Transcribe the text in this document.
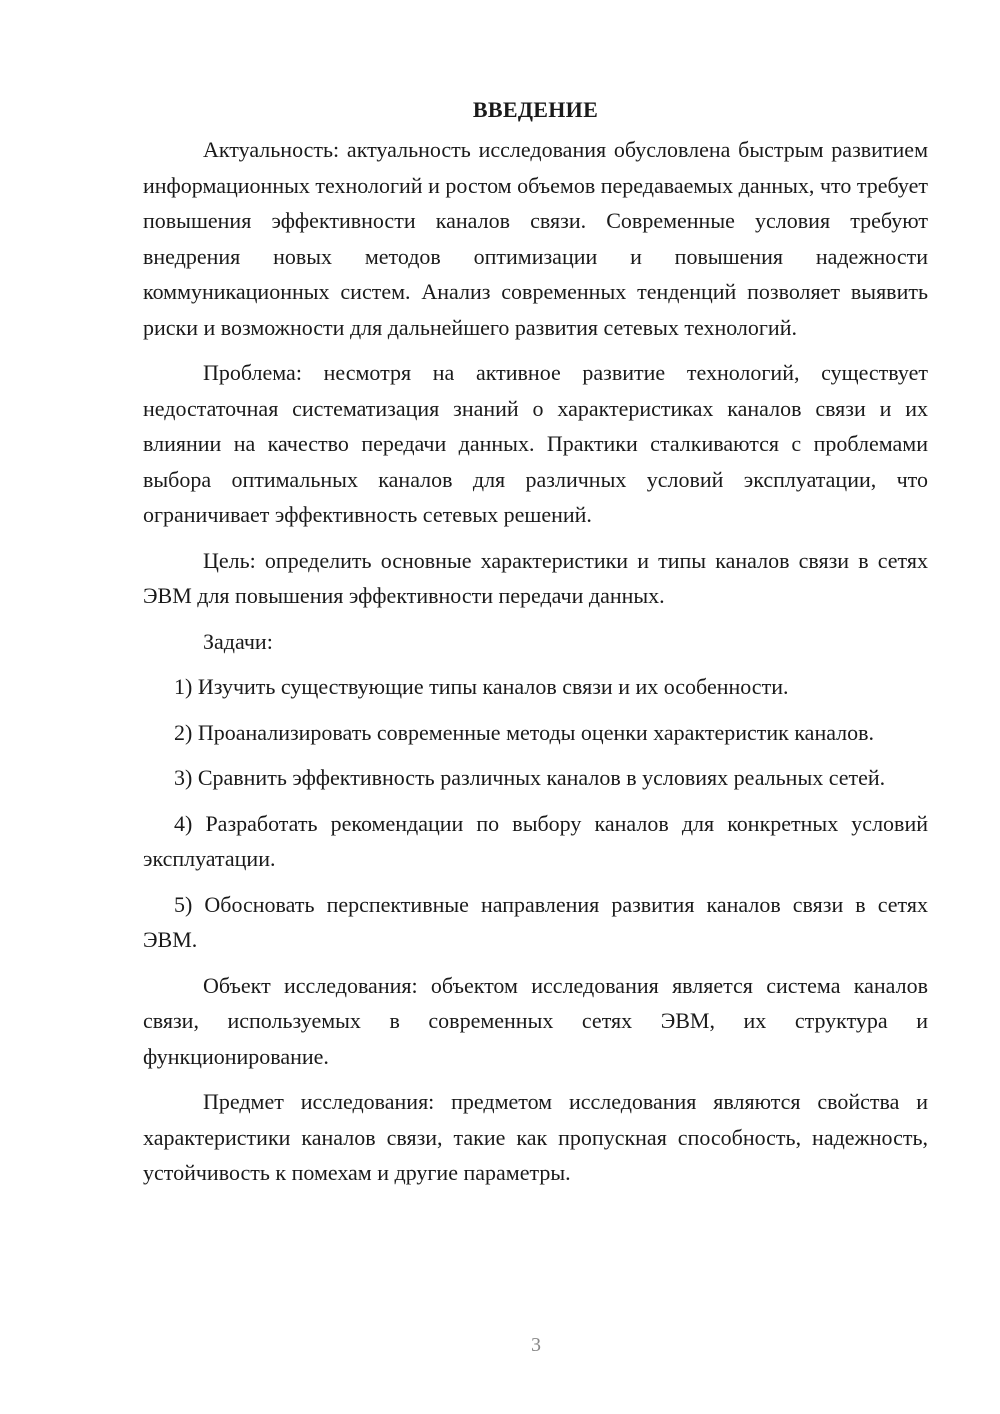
ВВЕДЕНИЕ

Актуальность: актуальность исследования обусловлена быстрым развитием информационных технологий и ростом объемов передаваемых данных, что требует повышения эффективности каналов связи. Современные условия требуют внедрения новых методов оптимизации и повышения надежности коммуникационных систем. Анализ современных тенденций позволяет выявить риски и возможности для дальнейшего развития сетевых технологий.

Проблема: несмотря на активное развитие технологий, существует недостаточная систематизация знаний о характеристиках каналов связи и их влиянии на качество передачи данных. Практики сталкиваются с проблемами выбора оптимальных каналов для различных условий эксплуатации, что ограничивает эффективность сетевых решений.

Цель: определить основные характеристики и типы каналов связи в сетях ЭВМ для повышения эффективности передачи данных.

Задачи:

1) Изучить существующие типы каналов связи и их особенности.

2) Проанализировать современные методы оценки характеристик каналов.

3) Сравнить эффективность различных каналов в условиях реальных сетей.

4) Разработать рекомендации по выбору каналов для конкретных условий эксплуатации.

5) Обосновать перспективные направления развития каналов связи в сетях ЭВМ.

Объект исследования: объектом исследования является система каналов связи, используемых в современных сетях ЭВМ, их структура и функционирование.

Предмет исследования: предметом исследования являются свойства и характеристики каналов связи, такие как пропускная способность, надежность, устойчивость к помехам и другие параметры.

3
